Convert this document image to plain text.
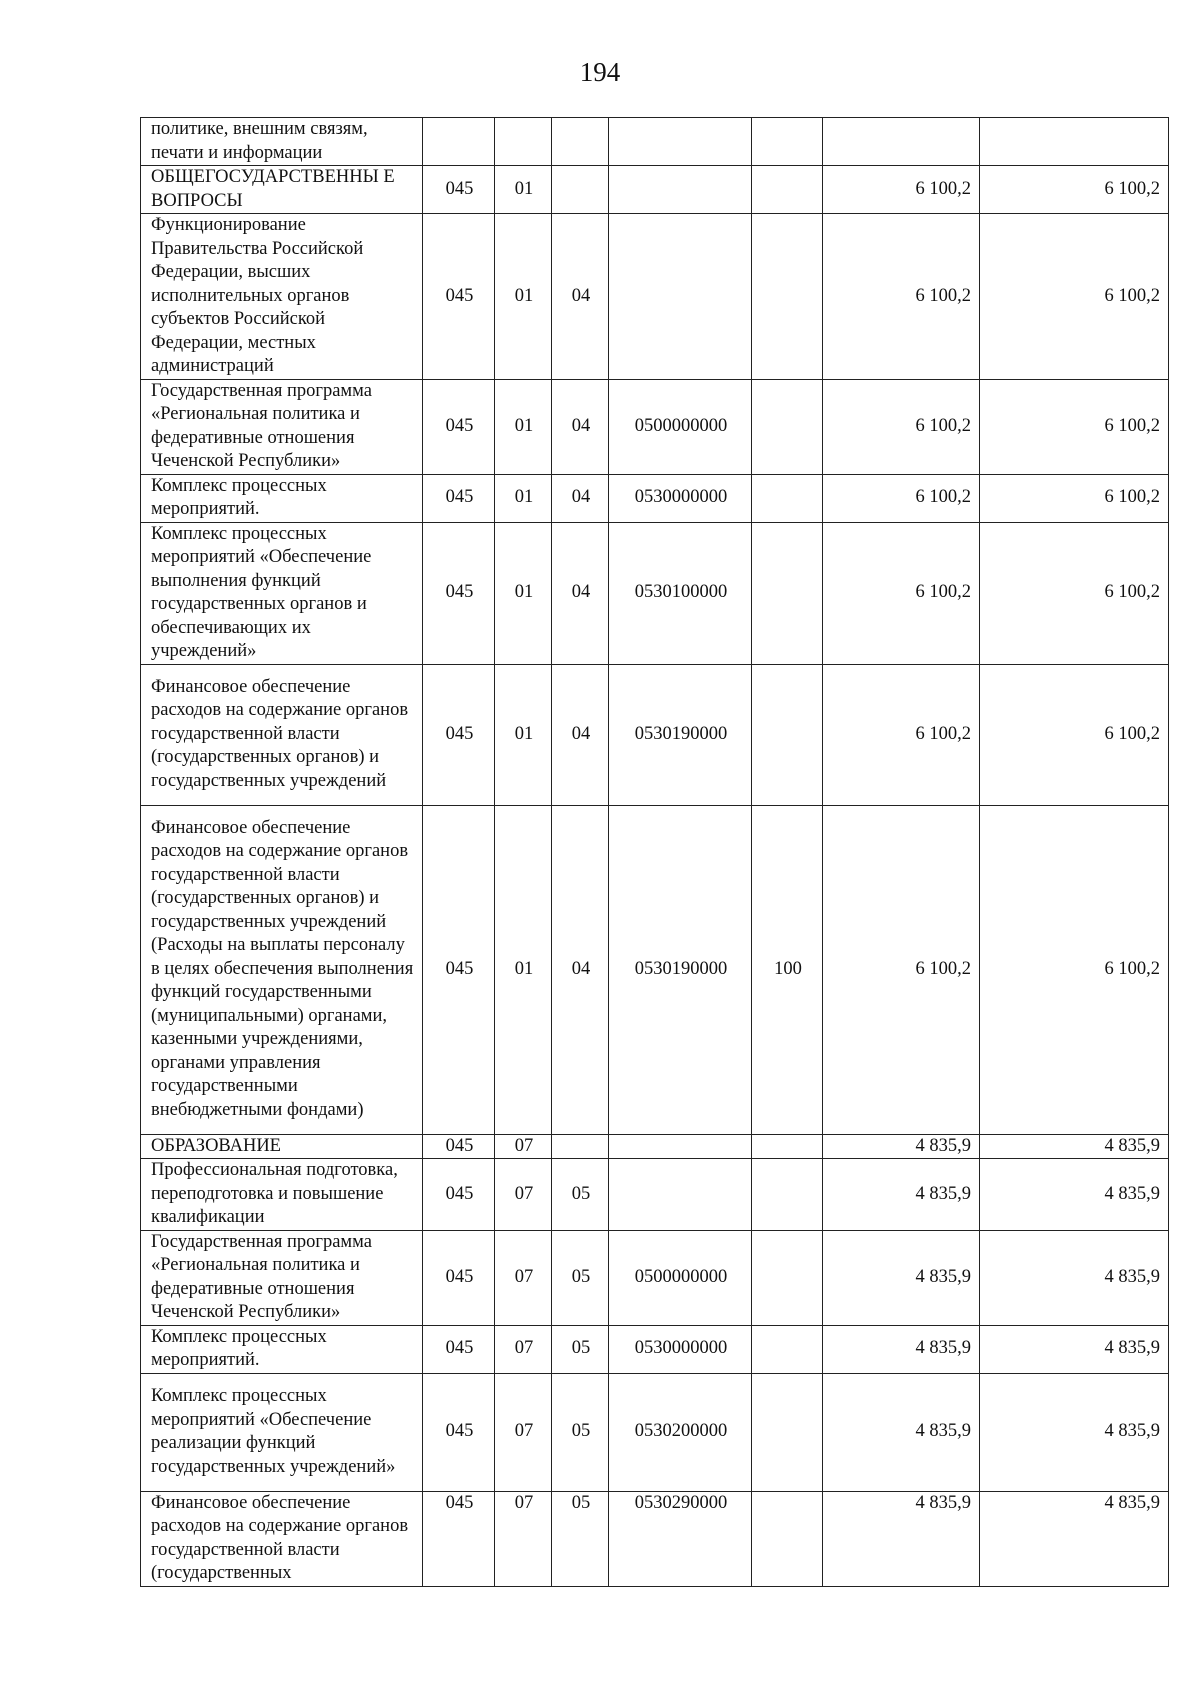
194
политике, внешним связям, печати и информации							
ОБЩЕГОСУДАРСТВЕННЫ Е ВОПРОСЫ	045	01				6 100,2	6 100,2
Функционирование Правительства Российской Федерации, высших исполнительных органов субъектов Российской Федерации, местных администраций	045	01	04			6 100,2	6 100,2
Государственная программа «Региональная политика и федеративные отношения Чеченской Республики»	045	01	04	0500000000		6 100,2	6 100,2
Комплекс процессных мероприятий.	045	01	04	0530000000		6 100,2	6 100,2
Комплекс процессных мероприятий «Обеспечение выполнения функций государственных органов и обеспечивающих их учреждений»	045	01	04	0530100000		6 100,2	6 100,2
Финансовое обеспечение расходов на содержание органов государственной власти (государственных органов) и государственных учреждений	045	01	04	0530190000		6 100,2	6 100,2
Финансовое обеспечение расходов на содержание органов государственной власти (государственных органов) и государственных учреждений (Расходы на выплаты персоналу в целях обеспечения выполнения функций государственными (муниципальными) органами, казенными учреждениями, органами управления государственными внебюджетными фондами)	045	01	04	0530190000	100	6 100,2	6 100,2
ОБРАЗОВАНИЕ	045	07				4 835,9	4 835,9
Профессиональная подготовка, переподготовка и повышение квалификации	045	07	05			4 835,9	4 835,9
Государственная программа «Региональная политика и федеративные отношения Чеченской Республики»	045	07	05	0500000000		4 835,9	4 835,9
Комплекс процессных мероприятий.	045	07	05	0530000000		4 835,9	4 835,9
Комплекс процессных мероприятий «Обеспечение реализации функций государственных учреждений»	045	07	05	0530200000		4 835,9	4 835,9
Финансовое обеспечение расходов на содержание органов государственной власти (государственных	045	07	05	0530290000		4 835,9	4 835,9
